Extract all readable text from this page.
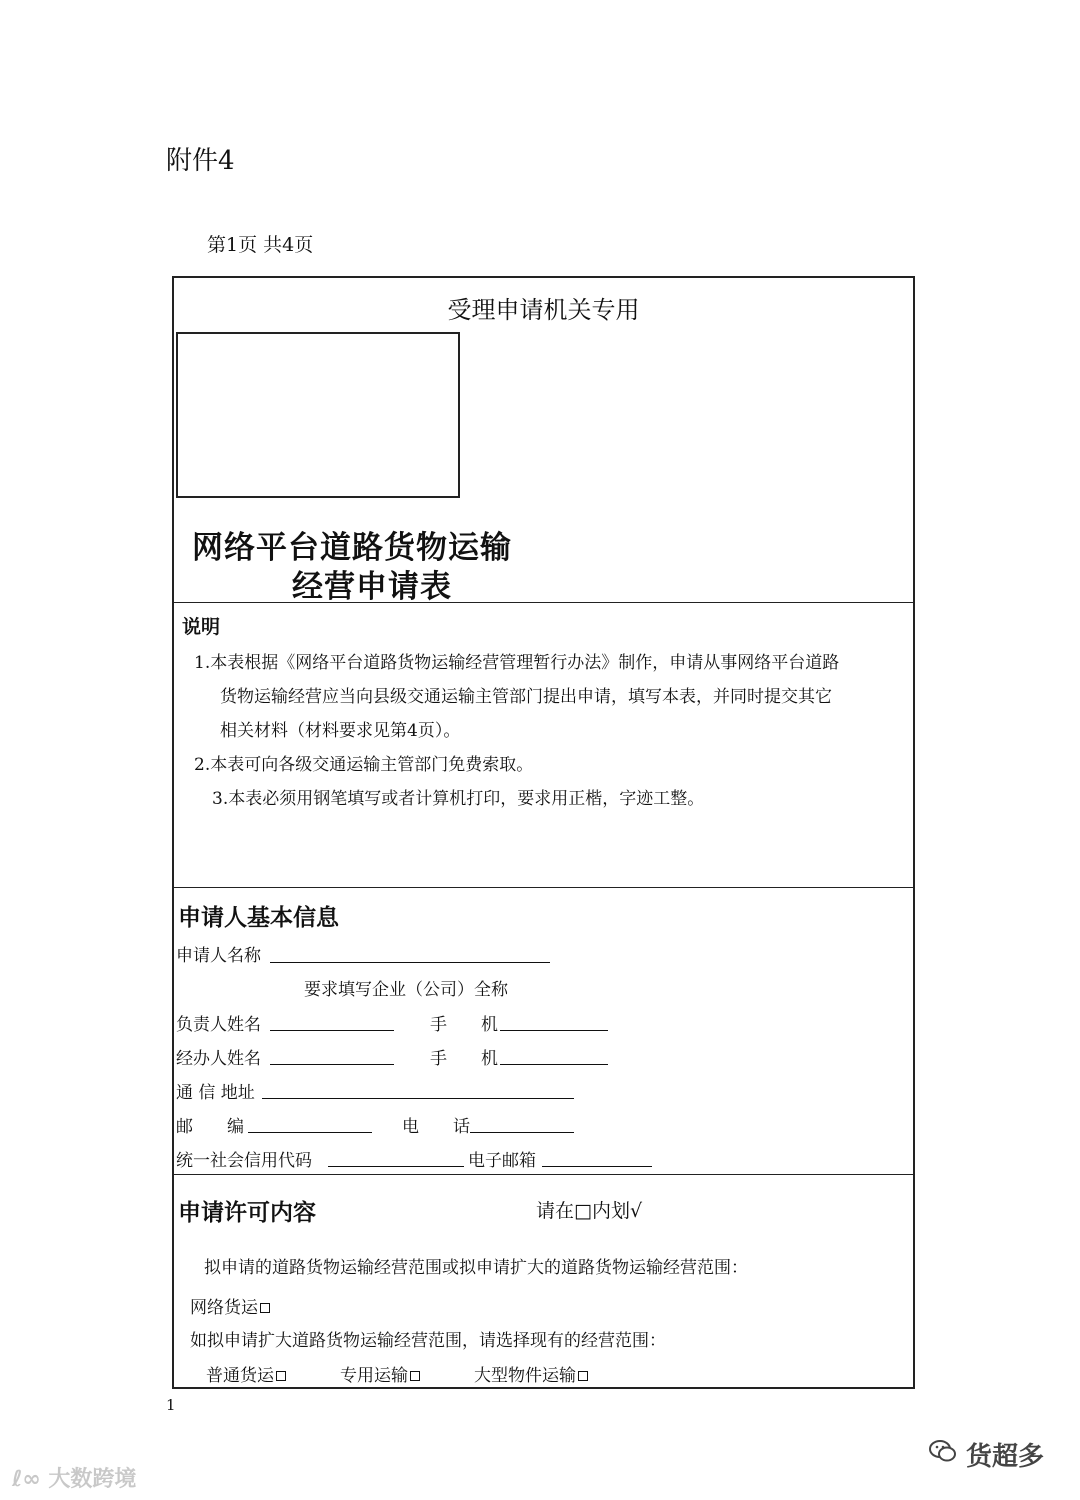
附件4
第1页 共4页
受理申请机关专用
网络平台道路货物运输
经营申请表
说明
1.本表根据《网络平台道路货物运输经营管理暂行办法》制作，申请从事网络平台道路
货物运输经营应当向县级交通运输主管部门提出申请，填写本表，并同时提交其它
相关材料（材料要求见第4页）。
2.本表可向各级交通运输主管部门免费索取。
3.本表必须用钢笔填写或者计算机打印，要求用正楷，字迹工整。
申请人基本信息
申请人名称
要求填写企业（公司）全称
负责人姓名	手　　机
经办人姓名	手　　机
通 信 地址
邮　　编	电　　话
统一社会信用代码	电子邮箱
申请许可内容	请在□内划√
拟申请的道路货物运输经营范围或拟申请扩大的道路货物运输经营范围：
网络货运
如拟申请扩大道路货物运输经营范围，请选择现有的经营范围：
普通货运	专用运输	大型物件运输
1
ℓ∞ 大数跨境
货超多
